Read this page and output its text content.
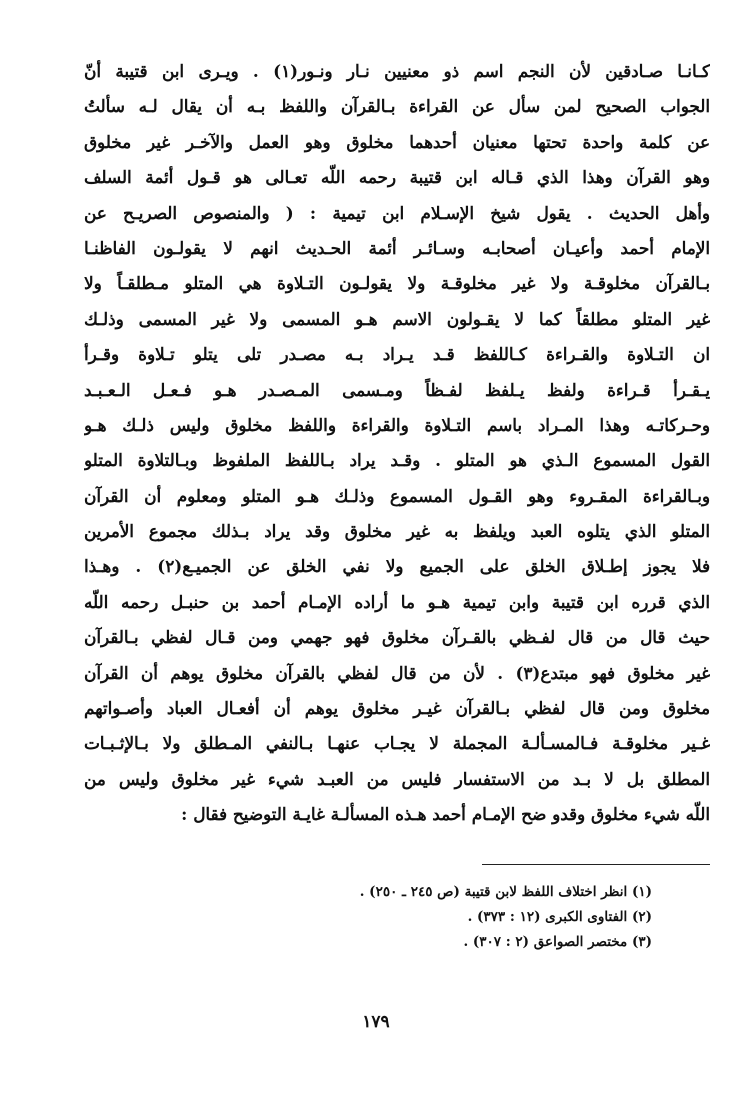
كـانـا صـادقين لأن النجم اسم ذو معنيين نـار ونـور(١) . ويـرى ابن قتيبة أنّ
الجواب الصحيح لمن سأل عن القراءة بـالقرآن واللفظ بـه أن يقال لـه سألتُ
عن كلمة واحدة تحتها معنيان أحدهما مخلوق وهو العمل والآخـر غير مخلوق
وهو القرآن وهذا الذي قـاله ابن قتيبة رحمه اللّه تعـالى هو قـول أئمة السلف
وأهل الحديث . يقول شيخ الإسـلام ابن تيمية : ( والمنصوص الصريـح عن
الإمام أحمد وأعيـان أصحابـه وسـائـر أئمة الحـديث انهم لا يقولـون الفاظنـا
بـالقرآن مخلوقـة ولا غير مخلوقـة ولا يقولـون التـلاوة هي المتلو مـطلقـاً ولا
غير المتلو مطلقاً كما لا يقـولون الاسم هـو المسمى ولا غير المسمى وذلـك
ان التـلاوة والقـراءة كـاللفظ قـد يـراد بـه مصـدر تلى يتلو تـلاوة وقـرأ
يـقـرأ قـراءة ولفظ يـلفظ لفـظاً ومـسمى المـصـدر هـو فـعـل الـعـبـد
وحـركاتـه وهذا المـراد باسم التـلاوة والقراءة واللفظ مخلوق وليس ذلـك هـو
القول المسموع الـذي هو المتلو . وقـد يراد بـاللفظ الملفوظ وبـالتلاوة المتلو
وبـالقراءة المقـروء وهو القـول المسموع وذلـك هـو المتلو ومعلوم أن القرآن
المتلو الذي يتلوه العبد ويلفظ به غير مخلوق وقد يراد بـذلك مجموع الأمرين
فلا يجوز إطـلاق الخلق على الجميع ولا نفي الخلق عن الجميـع(٢) . وهـذا
الذي قرره ابن قتيبة وابن تيمية هـو ما أراده الإمـام أحمد بن حنبـل رحمه اللّه
حيث قال من قال لفـظي بالقـرآن مخلوق فهو جهمي ومن قـال لفظي بـالقرآن
غير مخلوق فهو مبتدع(٣) . لأن من قال لفظي بالقرآن مخلوق يوهم أن القرآن
مخلوق ومن قال لفظي بـالقرآن غيـر مخلوق يوهم أن أفعـال العباد وأصـواتهم
غـير مخلوقـة فـالمسـألـة المجملة لا يجـاب عنهـا بـالنفي المـطلق ولا بـالإثـبـات
المطلق بل لا بـد من الاستفسار فليس من العبـد شيء غير مخلوق وليس من
اللّه شيء مخلوق وقدو ضح الإمـام أحمد هـذه المسألـة غايـة التوضيح فقال :
(١) انظر اختلاف اللفظ لابن قتيبة (ص ٢٤٥ ـ ٢٥٠) .
(٢) الفتاوى الكبرى (١٢ : ٣٧٣) .
(٣) مختصر الصواعق (٢ : ٣٠٧) .
١٧٩
